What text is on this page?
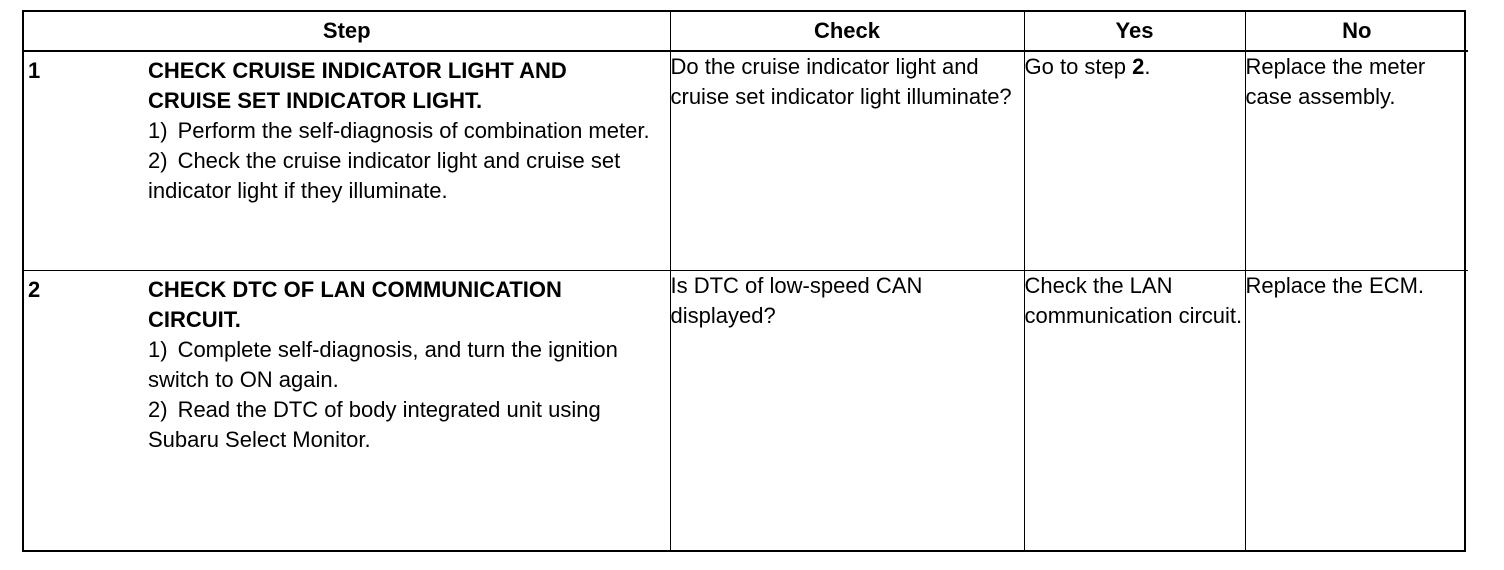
Step	Check	Yes	No

1 CHECK CRUISE INDICATOR LIGHT AND
CRUISE SET INDICATOR LIGHT.
1) Perform the self-diagnosis of combination meter.
2) Check the cruise indicator light and cruise set indicator light if they illuminate.	Do the cruise indicator light and cruise set indicator light illuminate?	Go to step 2.	Replace the meter case assembly.

2 CHECK DTC OF LAN COMMUNICATION
CIRCUIT.
1) Complete self-diagnosis, and turn the ignition switch to ON again.
2) Read the DTC of body integrated unit using Subaru Select Monitor.	Is DTC of low-speed CAN displayed?	Check the LAN communication circuit.	Replace the ECM.
